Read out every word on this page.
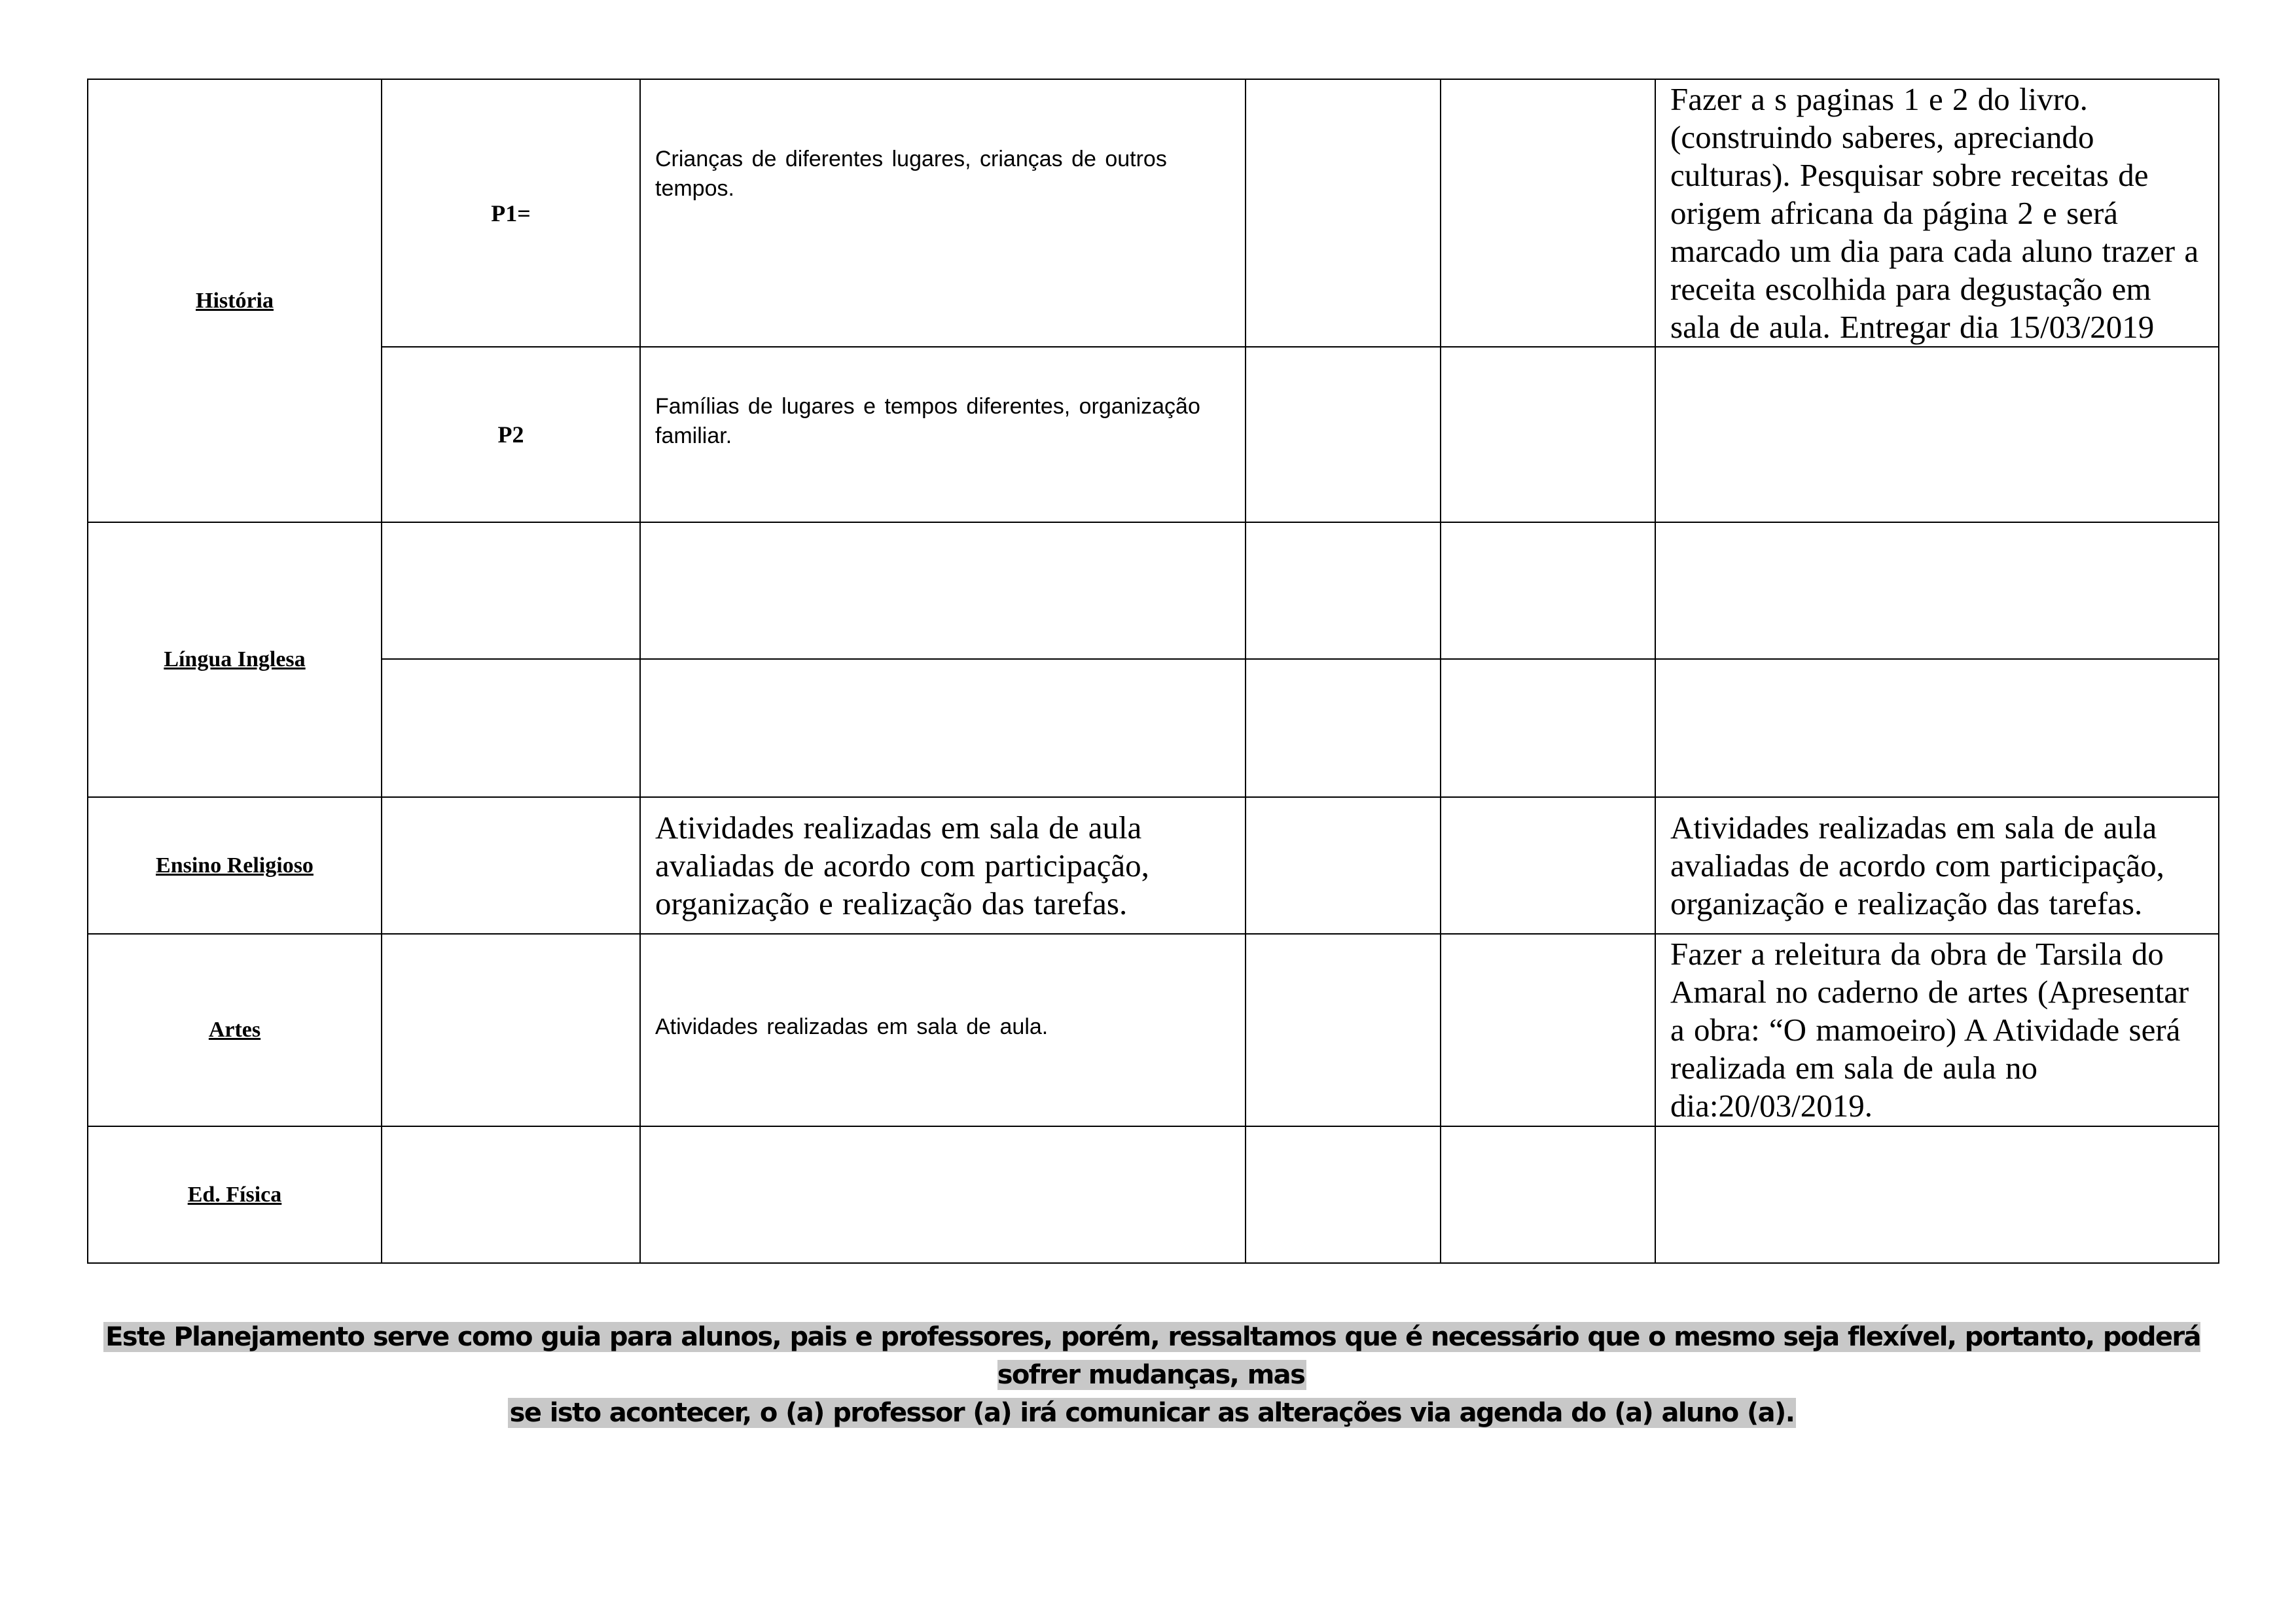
História	P1=	Crianças de diferentes lugares, crianças de outros tempos.			Fazer a s paginas 1 e 2 do livro. (construindo saberes, apreciando culturas). Pesquisar sobre receitas de origem africana da página 2 e será marcado um dia para cada aluno trazer a receita escolhida para degustação em sala de aula. Entregar dia 15/03/2019
	P2	Famílias de lugares e tempos diferentes, organização familiar.			

Língua Inglesa					

Ensino Religioso		Atividades realizadas em sala de aula avaliadas de acordo com participação, organização e realização das tarefas.			Atividades realizadas em sala de aula avaliadas de acordo com participação, organização e realização das tarefas.
Artes		Atividades realizadas em sala de aula.			Fazer a releitura da obra de Tarsila do Amaral no caderno de artes (Apresentar a obra: “O mamoeiro) A Atividade será realizada em sala de aula no dia:20/03/2019.
Ed. Física					
Este Planejamento serve como guia para alunos, pais e professores, porém, ressaltamos que é necessário que o mesmo seja flexível, portanto, poderá sofrer mudanças, mas
se isto acontecer, o (a) professor (a) irá comunicar as alterações via agenda do (a) aluno (a).
